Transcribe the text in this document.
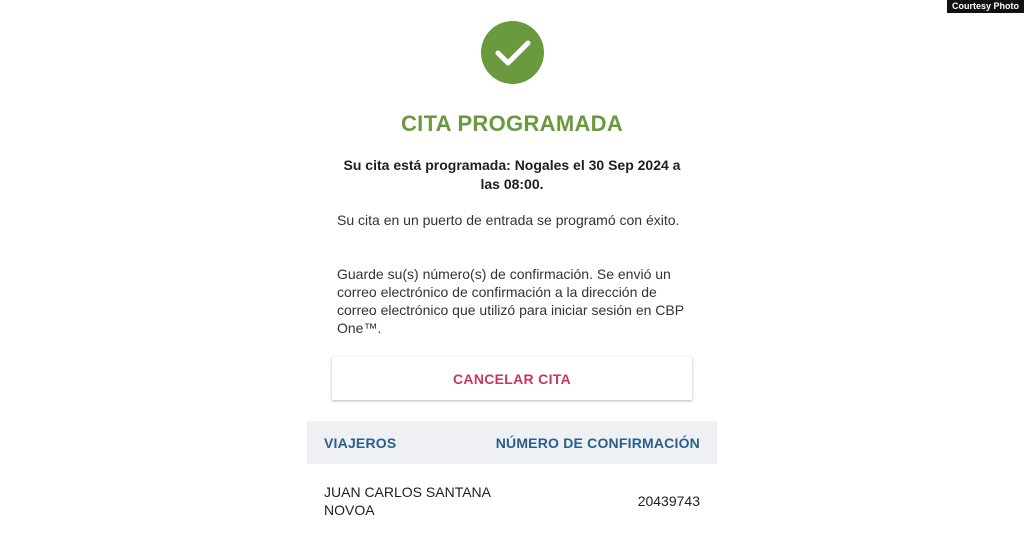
Courtesy Photo
CITA PROGRAMADA
Su cita está programada: Nogales el 30 Sep 2024 a las 08:00.
Su cita en un puerto de entrada se programó con éxito.
Guarde su(s) número(s) de confirmación. Se envió un correo electrónico de confirmación a la dirección de correo electrónico que utilizó para iniciar sesión en CBP One™.
CANCELAR CITA
VIAJEROS	NÚMERO DE CONFIRMACIÓN
JUAN CARLOS SANTANA NOVOA
20439743
